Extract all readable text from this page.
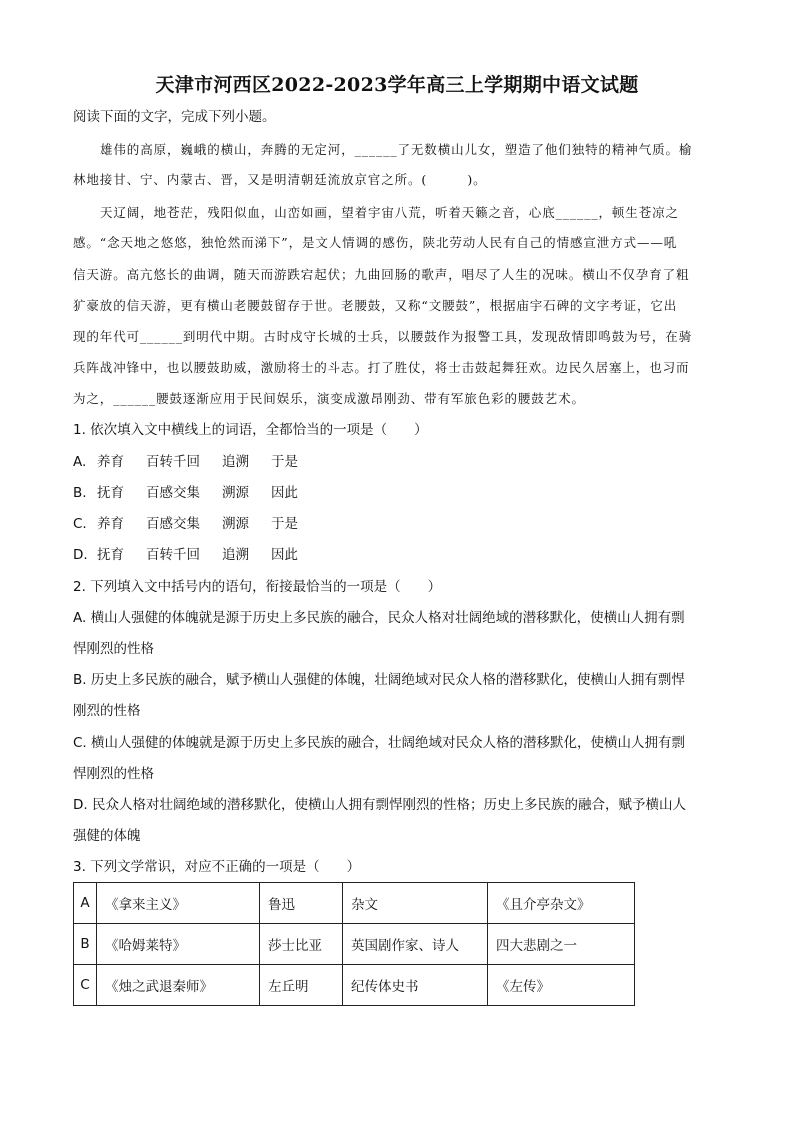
天津市河西区2022-2023学年高三上学期期中语文试题
阅读下面的文字，完成下列小题。
雄伟的高原，巍峨的横山，奔腾的无定河，______了无数横山儿女，塑造了他们独特的精神气质。榆
林地接甘、宁、内蒙古、晋，又是明清朝廷流放京官之所。(　　　)。
天辽阔，地苍茫，残阳似血，山峦如画，望着宇宙八荒，听着天籁之音，心底______，顿生苍凉之
感。“念天地之悠悠，独怆然而涕下”，是文人情调的感伤，陕北劳动人民有自己的情感宣泄方式——吼
信天游。高亢悠长的曲调，随天而游跌宕起伏；九曲回肠的歌声，唱尽了人生的况味。横山不仅孕育了粗
犷豪放的信天游，更有横山老腰鼓留存于世。老腰鼓，又称“文腰鼓”，根据庙宇石碑的文字考证，它出
现的年代可______到明代中期。古时戍守长城的士兵，以腰鼓作为报警工具，发现敌情即鸣鼓为号，在骑
兵阵战冲锋中，也以腰鼓助威，激励将士的斗志。打了胜仗，将士击鼓起舞狂欢。边民久居塞上，也习而
为之，______腰鼓逐渐应用于民间娱乐，演变成激昂刚劲、带有军旅色彩的腰鼓艺术。
1. 依次填入文中横线上的词语，全都恰当的一项是（　　）
A. 养育 百转千回 追溯 于是
B. 抚育 百感交集 溯源 因此
C. 养育 百感交集 溯源 于是
D. 抚育 百转千回 追溯 因此
2. 下列填入文中括号内的语句，衔接最恰当的一项是（　　）
A. 横山人强健的体魄就是源于历史上多民族的融合，民众人格对壮阔绝域的潜移默化，使横山人拥有剽
悍刚烈的性格
B. 历史上多民族的融合，赋予横山人强健的体魄，壮阔绝域对民众人格的潜移默化，使横山人拥有剽悍
刚烈的性格
C. 横山人强健的体魄就是源于历史上多民族的融合，壮阔绝域对民众人格的潜移默化，使横山人拥有剽
悍刚烈的性格
D. 民众人格对壮阔绝域的潜移默化，使横山人拥有剽悍刚烈的性格；历史上多民族的融合，赋予横山人
强健的体魄
3. 下列文学常识，对应不正确的一项是（　　）
A	《拿来主义》	鲁迅	杂文	《且介亭杂文》
B	《哈姆莱特》	莎士比亚	英国剧作家、诗人	四大悲剧之一
C	《烛之武退秦师》	左丘明	纪传体史书	《左传》
